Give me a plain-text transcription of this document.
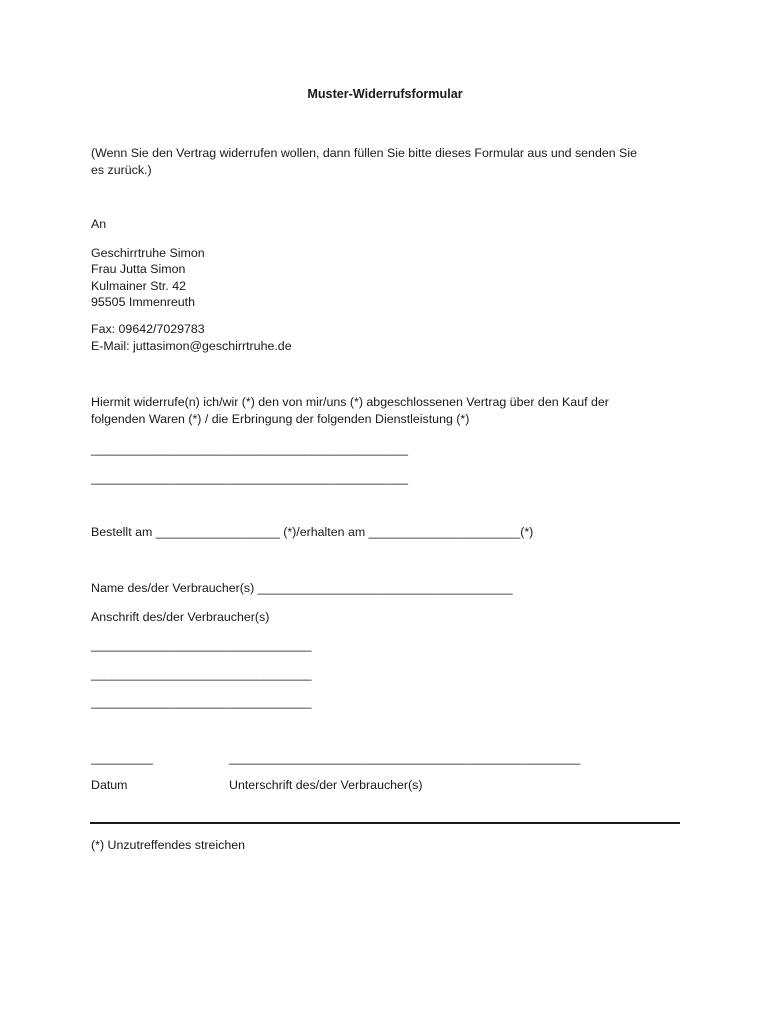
Muster-Widerrufsformular
(Wenn Sie den Vertrag widerrufen wollen, dann füllen Sie bitte dieses Formular aus und senden Sie
es zurück.)
An
Geschirrtruhe Simon
Frau Jutta Simon
Kulmainer Str. 42
95505 Immenreuth
Fax: 09642/7029783
E-Mail: juttasimon@geschirrtruhe.de
Hiermit widerrufe(n) ich/wir (*) den von mir/uns (*) abgeschlossenen Vertrag über den Kauf der
folgenden Waren (*) / die Erbringung der folgenden Dienstleistung (*)
______________________________________________
______________________________________________
Bestellt am __________________ (*)/erhalten am ______________________(*)
Name des/der Verbraucher(s) _____________________________________
Anschrift des/der Verbraucher(s)
________________________________
________________________________
________________________________
_________	___________________________________________________
Datum	Unterschrift des/der Verbraucher(s)
(*) Unzutreffendes streichen
